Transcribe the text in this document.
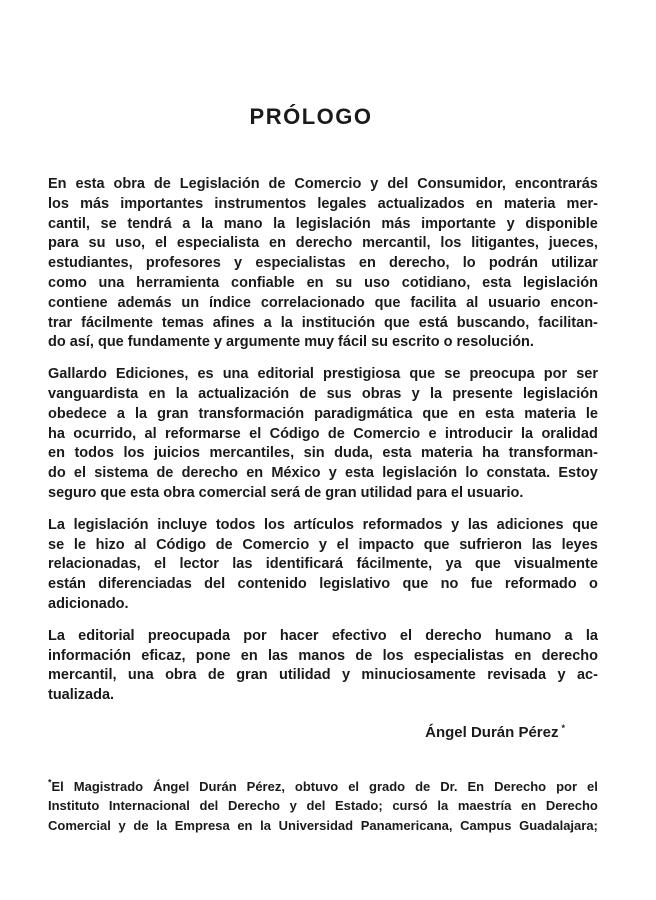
PRÓLOGO
En esta obra de Legislación de Comercio y del Consumidor, encontrarás
los más importantes instrumentos legales actualizados en materia mer-
cantil, se tendrá a la mano la legislación más importante y disponible
para su uso, el especialista en derecho mercantil, los litigantes, jueces,
estudiantes, profesores y especialistas en derecho, lo podrán utilizar
como una herramienta confiable en su uso cotidiano, esta legislación
contiene además un índice correlacionado que facilita al usuario encon-
trar fácilmente temas afines a la institución que está buscando, facilitan-
do así, que fundamente y argumente muy fácil su escrito o resolución.
Gallardo Ediciones, es una editorial prestigiosa que se preocupa por ser
vanguardista en la actualización de sus obras y la presente legislación
obedece a la gran transformación paradigmática que en esta materia le
ha ocurrido, al reformarse el Código de Comercio e introducir la oralidad
en todos los juicios mercantiles, sin duda, esta materia ha transforman-
do el sistema de derecho en México y esta legislación lo constata. Estoy
seguro que esta obra comercial será de gran utilidad para el usuario.
La legislación incluye todos los artículos reformados y las adiciones que
se le hizo al Código de Comercio y el impacto que sufrieron las leyes
relacionadas, el lector las identificará fácilmente, ya que visualmente
están diferenciadas del contenido legislativo que no fue reformado o
adicionado.
La editorial preocupada por hacer efectivo el derecho humano a la
información eficaz, pone en las manos de los especialistas en derecho
mercantil, una obra de gran utilidad y minuciosamente revisada y ac-
tualizada.
Ángel Durán Pérez *
*El Magistrado Ángel Durán Pérez, obtuvo el grado de Dr. En Derecho por el
Instituto Internacional del Derecho y del Estado; cursó la maestría en Derecho
Comercial y de la Empresa en la Universidad Panamericana, Campus Guadalajara;
